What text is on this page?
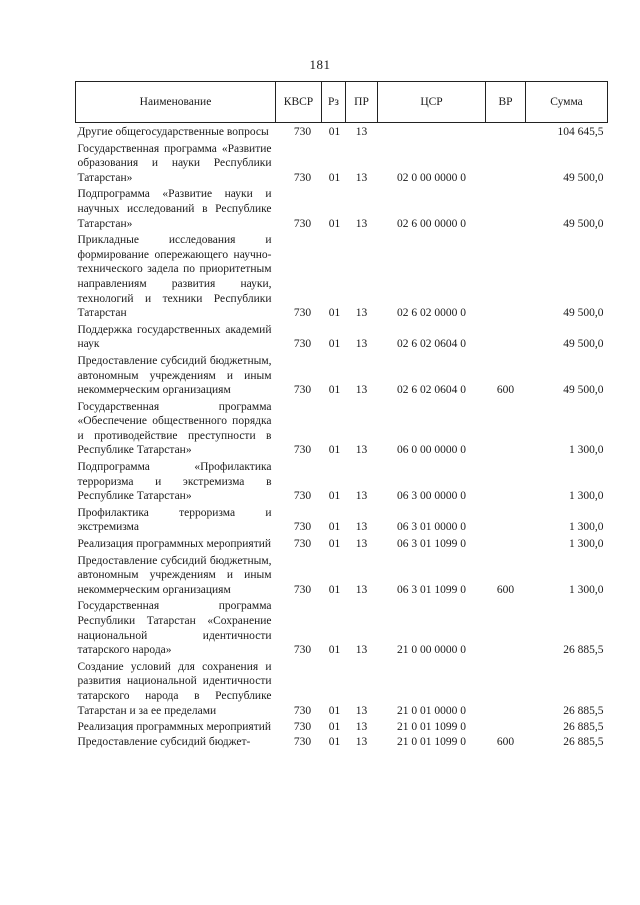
181
Наименование	КВСР	Рз	ПР	ЦСР	ВР	Сумма
Другие общегосударственные вопросы	730	01	13			104 645,5
Государственная программа «Развитие образования и науки Республики Татарстан»	730	01	13	02 0 00 0000 0		49 500,0
Подпрограмма «Развитие науки и научных исследований в Республике Татарстан»	730	01	13	02 6 00 0000 0		49 500,0
Прикладные исследования и формирование опережающего научно-технического задела по приоритетным направлениям развития науки, технологий и техники Республики Татарстан	730	01	13	02 6 02 0000 0		49 500,0
Поддержка государственных академий наук	730	01	13	02 6 02 0604 0		49 500,0
Предоставление субсидий бюджетным, автономным учреждениям и иным некоммерческим организациям	730	01	13	02 6 02 0604 0	600	49 500,0
Государственная программа «Обеспечение общественного порядка и противодействие преступности в Республике Татарстан»	730	01	13	06 0 00 0000 0		1 300,0
Подпрограмма «Профилактика терроризма и экстремизма в Республике Татарстан»	730	01	13	06 3 00 0000 0		1 300,0
Профилактика терроризма и экстремизма	730	01	13	06 3 01 0000 0		1 300,0
Реализация программных мероприятий	730	01	13	06 3 01 1099 0		1 300,0
Предоставление субсидий бюджетным, автономным учреждениям и иным некоммерческим организациям	730	01	13	06 3 01 1099 0	600	1 300,0
Государственная программа Республики Татарстан «Сохранение национальной идентичности татарского народа»	730	01	13	21 0 00 0000 0		26 885,5
Создание условий для сохранения и развития национальной идентичности татарского народа в Республике Татарстан и за ее пределами	730	01	13	21 0 01 0000 0		26 885,5
Реализация программных мероприятий	730	01	13	21 0 01 1099 0		26 885,5
Предоставление субсидий бюджет-	730	01	13	21 0 01 1099 0	600	26 885,5
